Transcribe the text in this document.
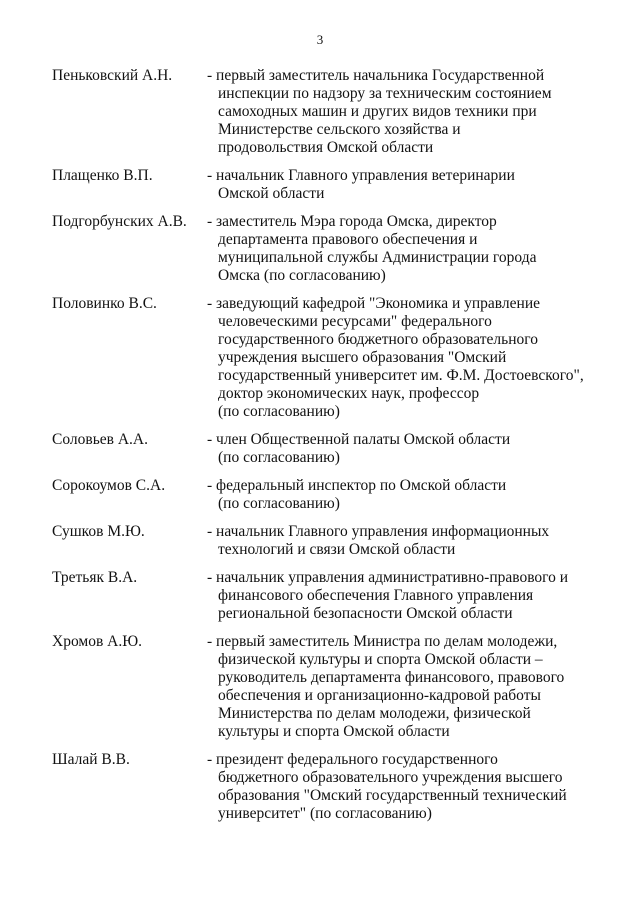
3
Пеньковский А.Н.	- первый заместитель начальника Государственной
инспекции по надзору за техническим состоянием
самоходных машин и других видов техники при
Министерстве сельского хозяйства и
продовольствия Омской области
Плащенко В.П.	- начальник Главного управления ветеринарии
Омской области
Подгорбунских А.В.	- заместитель Мэра города Омска, директор
департамента правового обеспечения и
муниципальной службы Администрации города
Омска (по согласованию)
Половинко В.С.	- заведующий кафедрой "Экономика и управление
человеческими ресурсами" федерального
государственного бюджетного образовательного
учреждения высшего образования "Омский
государственный университет им. Ф.М. Достоевского",
доктор экономических наук, профессор
(по согласованию)
Соловьев А.А.	- член Общественной палаты Омской области
(по согласованию)
Сорокоумов С.А.	- федеральный инспектор по Омской области
(по согласованию)
Сушков М.Ю.	- начальник Главного управления информационных
технологий и связи Омской области
Третьяк В.А.	- начальник управления административно-правового и
финансового обеспечения Главного управления
региональной безопасности Омской области
Хромов А.Ю.	- первый заместитель Министра по делам молодежи,
физической культуры и спорта Омской области –
руководитель департамента финансового, правового
обеспечения и организационно-кадровой работы
Министерства по делам молодежи, физической
культуры и спорта Омской области
Шалай В.В.	- президент федерального государственного
бюджетного образовательного учреждения высшего
образования "Омский государственный технический
университет" (по согласованию)
